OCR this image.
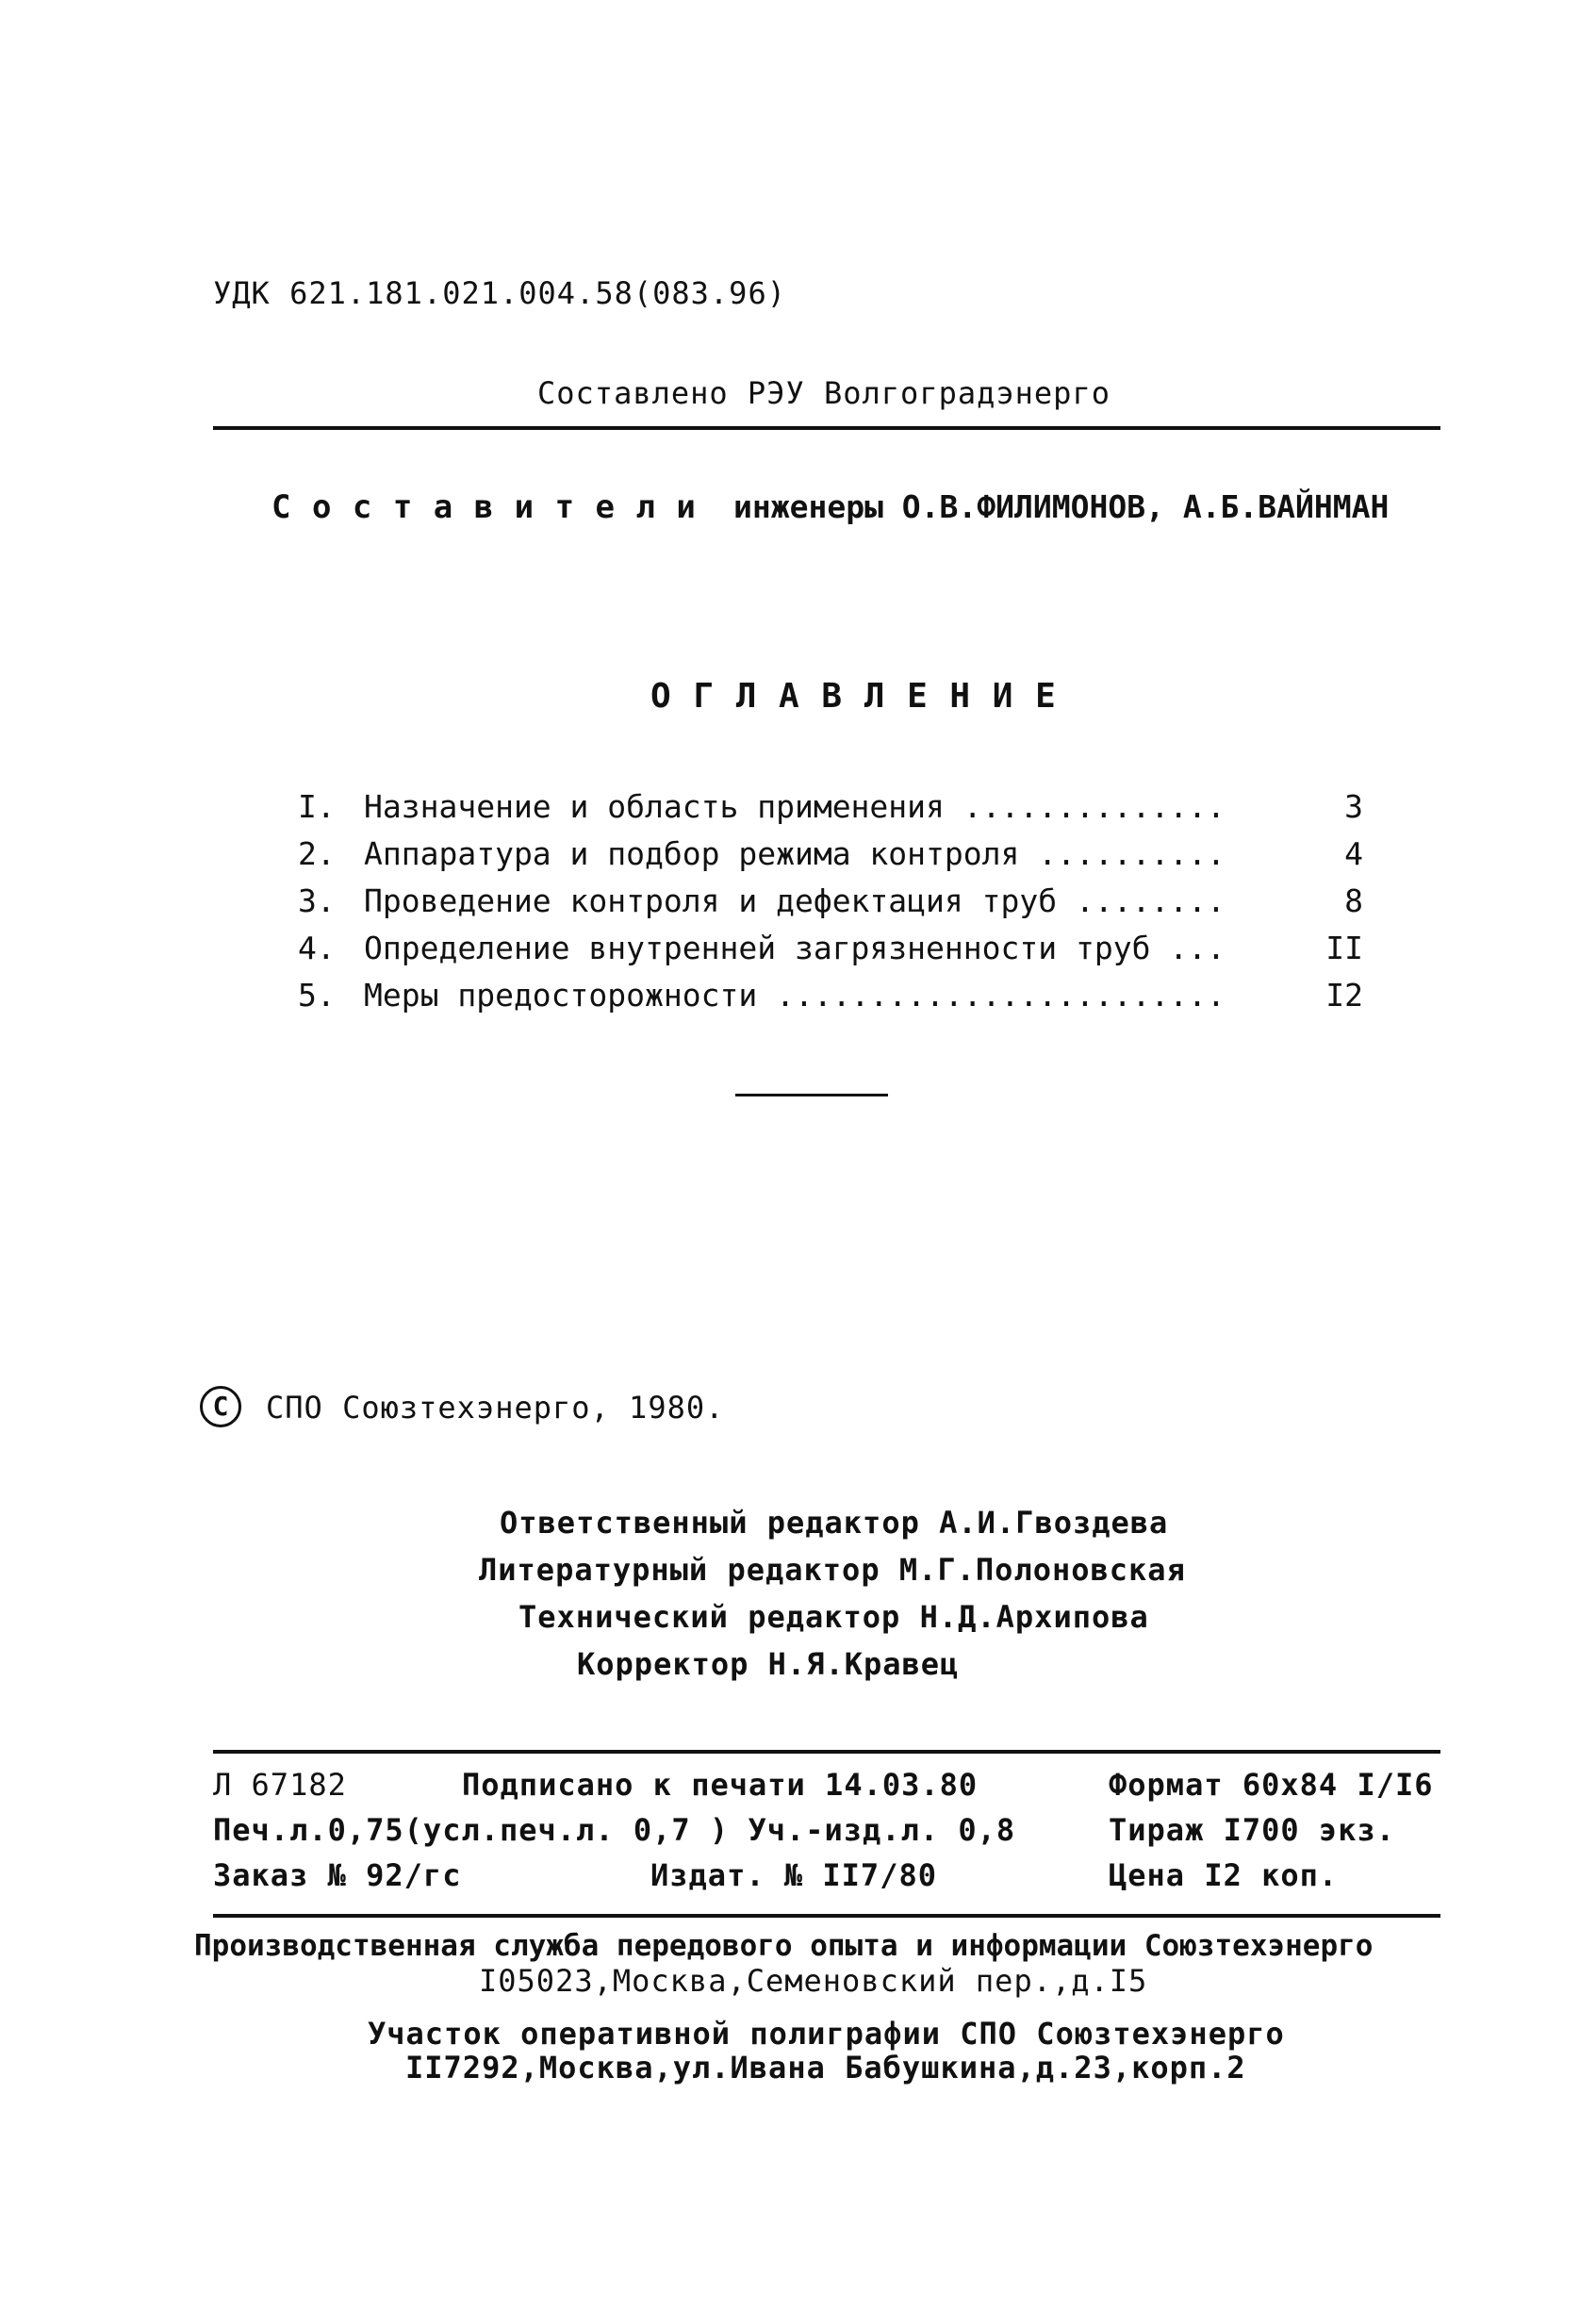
УДК 621.181.021.004.58(083.96)
Составлено РЭУ Волгоградэнерго
С о с т а в и т е л и инженеры О.В.ФИЛИМОНОВ, А.Б.ВАЙНМАН
О Г Л А В Л Е Н И Е
I. Назначение и область применения ..............	3
2. Аппаратура и подбор режима контроля ..........	4
3. Проведение контроля и дефектация труб ........	8
4. Определение внутренней загрязненности труб ...	II
5. Меры предосторожности ........................	I2
C	СПО Союзтехэнерго, 1980.
Ответственный редактор А.И.Гвоздева
Литературный редактор М.Г.Полоновская
Технический редактор Н.Д.Архипова
Корректор Н.Я.Кравец
Л 67182	Подписано к печати 14.03.80	Формат 60х84 I/I6
Печ.л.0,75(усл.печ.л. 0,7 ) Уч.-изд.л. 0,8	Тираж I700 экз.
Заказ № 92/гс	Издат. № II7/80	Цена I2 коп.
Производственная служба передового опыта и информации Союзтехэнерго
I05023,Москва,Семеновский пер.,д.I5
Участок оперативной полиграфии СПО Союзтехэнерго
II7292,Москва,ул.Ивана Бабушкина,д.23,корп.2
